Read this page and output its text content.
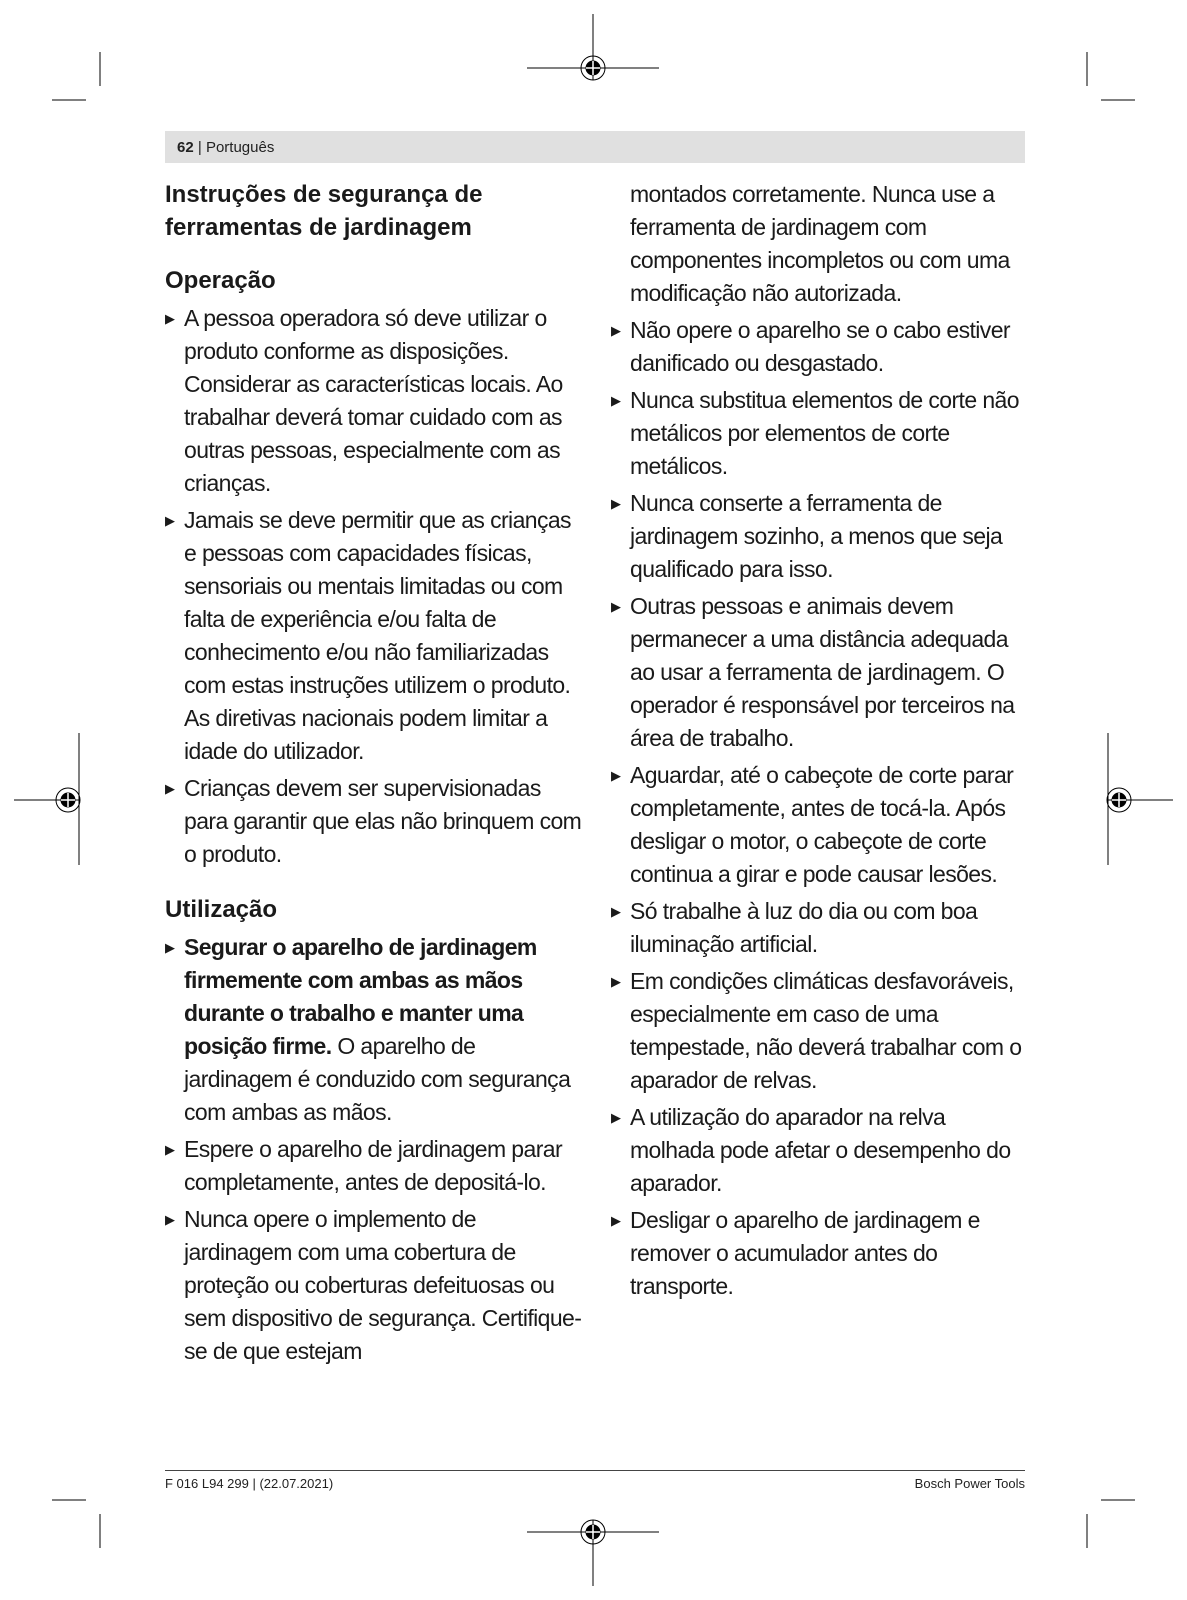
62 | Português
Instruções de segurança de ferramentas de jardinagem
Operação
▶ A pessoa operadora só deve utilizar o produto conforme as disposições. Considerar as características locais. Ao trabalhar deverá tomar cuidado com as outras pessoas, especialmente com as crianças.
▶ Jamais se deve permitir que as crianças e pessoas com capacidades físicas, sensoriais ou mentais limitadas ou com falta de experiência e/ou falta de conhecimento e/ou não familiarizadas com estas instruções utilizem o produto. As diretivas nacionais podem limitar a idade do utilizador.
▶ Crianças devem ser supervisionadas para garantir que elas não brinquem com o produto.
Utilização
▶ Segurar o aparelho de jardinagem firmemente com ambas as mãos durante o trabalho e manter uma posição firme. O aparelho de jardinagem é conduzido com segurança com ambas as mãos.
▶ Espere o aparelho de jardinagem parar completamente, antes de depositá-lo.
▶ Nunca opere o implemento de jardinagem com uma cobertura de proteção ou coberturas defeituosas ou sem dispositivo de segurança. Certifique-se de que estejam
montados corretamente. Nunca use a ferramenta de jardinagem com componentes incompletos ou com uma modificação não autorizada.
▶ Não opere o aparelho se o cabo estiver danificado ou desgastado.
▶ Nunca substitua elementos de corte não metálicos por elementos de corte metálicos.
▶ Nunca conserte a ferramenta de jardinagem sozinho, a menos que seja qualificado para isso.
▶ Outras pessoas e animais devem permanecer a uma distância adequada ao usar a ferramenta de jardinagem. O operador é responsável por terceiros na área de trabalho.
▶ Aguardar, até o cabeçote de corte parar completamente, antes de tocá-la. Após desligar o motor, o cabeçote de corte continua a girar e pode causar lesões.
▶ Só trabalhe à luz do dia ou com boa iluminação artificial.
▶ Em condições climáticas desfavoráveis, especialmente em caso de uma tempestade, não deverá trabalhar com o aparador de relvas.
▶ A utilização do aparador na relva molhada pode afetar o desempenho do aparador.
▶ Desligar o aparelho de jardinagem e remover o acumulador antes do transporte.
F 016 L94 299 | (22.07.2021)	Bosch Power Tools
